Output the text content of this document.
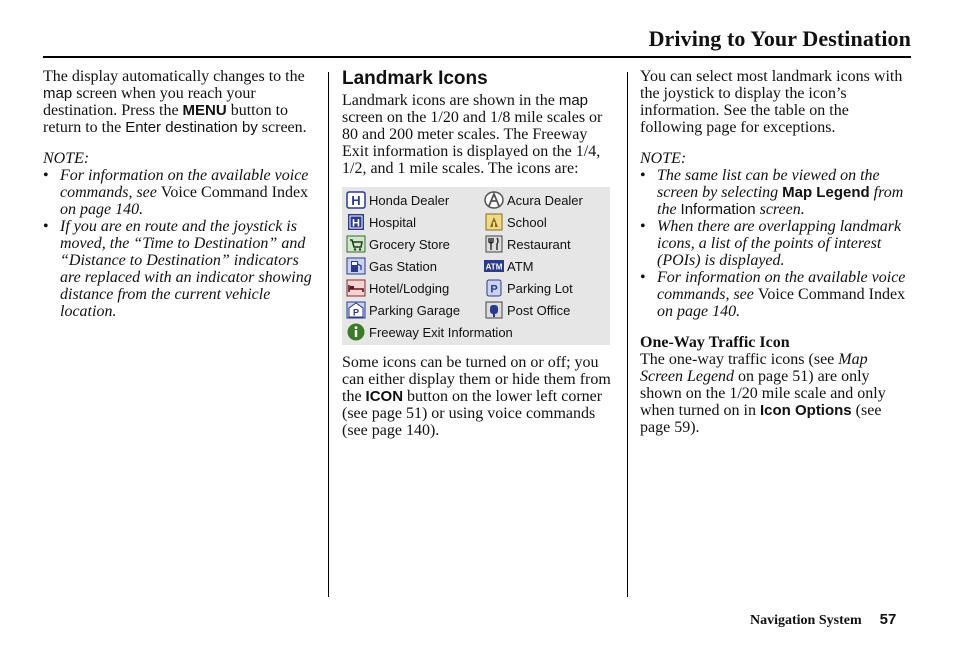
Driving to Your Destination

The display automatically changes to the map screen when you reach your destination. Press the MENU button to return to the Enter destination by screen.

NOTE:

• For information on the available voice commands, see Voice Command Index on page 140.
• If you are en route and the joystick is moved, the “Time to Destination” and “Distance to Destination” indicators are replaced with an indicator showing distance from the current vehicle location.
Landmark Icons

Landmark icons are shown in the map screen on the 1/20 and 1/8 mile scales or 80 and 200 meter scales. The Freeway Exit information is displayed on the 1/4, 1/2, and 1 mile scales. The icons are:

H Honda Dealer	Acura Dealer
H Hospital	School
Grocery Store	Restaurant
Gas Station	ATM ATM
Hotel/Lodging	P Parking Lot
P Parking Garage	Post Office
Freeway Exit Information

Some icons can be turned on or off; you can either display them or hide them from the ICON button on the lower left corner (see page 51) or using voice commands (see page 140).

You can select most landmark icons with the joystick to display the icon’s information. See the table on the following page for exceptions.

NOTE:

• The same list can be viewed on the screen by selecting Map Legend from the Information screen.
• When there are overlapping landmark icons, a list of the points of interest (POIs) is displayed.
• For information on the available voice commands, see Voice Command Index on page 140.

One-Way Traffic Icon

The one-way traffic icons (see Map Screen Legend on page 51) are only shown on the 1/20 mile scale and only when turned on in Icon Options (see page 59).

Navigation System 57
